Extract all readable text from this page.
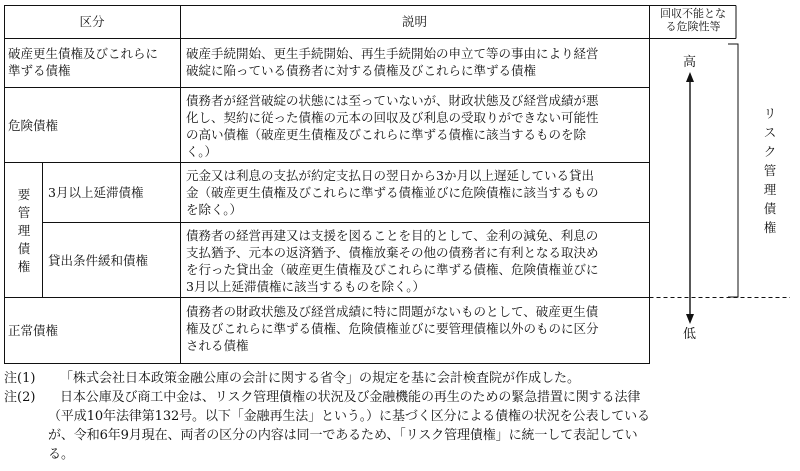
区分	説明
回収不能とな
る危険性等
破産更生債権及びこれらに
準ずる債権
破産手続開始、更生手続開始、再生手続開始の申立て等の事由により経営
破綻に陥っている債務者に対する債権及びこれらに準ずる債権
危険債権
債務者が経営破綻の状態には至っていないが、財政状態及び経営成績が悪
化し、契約に従った債権の元本の回収及び利息の受取りができない可能性
の高い債権（破産更生債権及びこれらに準ずる債権に該当するものを除
く。）
要
管
理
債
権
3月以上延滞債権
元金又は利息の支払が約定支払日の翌日から3か月以上遅延している貸出
金（破産更生債権及びこれらに準ずる債権並びに危険債権に該当するもの
を除く。）
貸出条件緩和債権
債務者の経営再建又は支援を図ることを目的として、金利の減免、利息の
支払猶予、元本の返済猶予、債権放棄その他の債務者に有利となる取決め
を行った貸出金（破産更生債権及びこれらに準ずる債権、危険債権並びに
3月以上延滞債権に該当するものを除く。）
正常債権
債務者の財政状態及び経営成績に特に問題がないものとして、破産更生債
権及びこれらに準ずる債権、危険債権並びに要管理債権以外のものに区分
される債権
高
低
リ
ス
ク
管
理
債
権
注(1) 「株式会社日本政策金融公庫の会計に関する省令」の規定を基に会計検査院が作成した。
注(2) 日本公庫及び商工中金は、リスク管理債権の状況及び金融機能の再生のための緊急措置に関する法律
（平成10年法律第132号。以下「金融再生法」という。）に基づく区分による債権の状況を公表している
が、令和6年9月現在、両者の区分の内容は同一であるため、「リスク管理債権」に統一して表記してい
る。
